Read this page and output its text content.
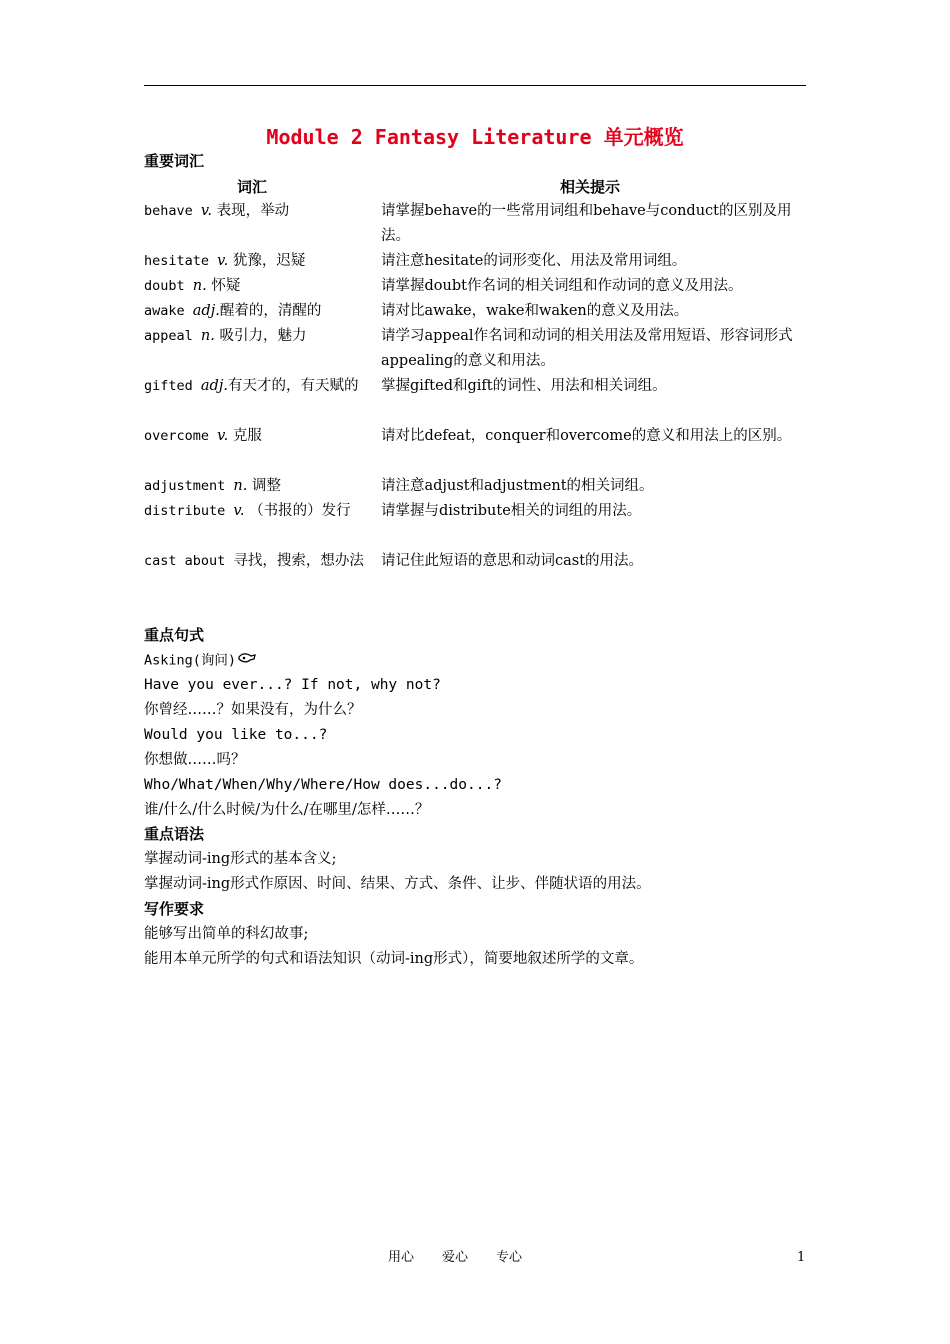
Module 2 Fantasy Literature 单元概览
重要词汇
词汇	相关提示
behave v. 表现，举动	请掌握behave的一些常用词组和behave与conduct的区别及用法。
hesitate v. 犹豫，迟疑	请注意hesitate的词形变化、用法及常用词组。
doubt n. 怀疑	请掌握doubt作名词的相关词组和作动词的意义及用法。
awake adj.醒着的，清醒的	请对比awake，wake和waken的意义及用法。
appeal n. 吸引力，魅力	请学习appeal作名词和动词的相关用法及常用短语、形容词形式appealing的意义和用法。
gifted adj.有天才的，有天赋的	掌握gifted和gift的词性、用法和相关词组。
overcome v. 克服	请对比defeat，conquer和overcome的意义和用法上的区别。
adjustment n. 调整	请注意adjust和adjustment的相关词组。
distribute v. （书报的）发行	请掌握与distribute相关的词组的用法。
cast about 寻找，搜索，想办法 请记住此短语的意思和动词cast的用法。
重点句式
Asking(询问)
Have you ever...? If not, why not?
你曾经……？如果没有，为什么？
Would you like to...?
你想做……吗？
Who/What/When/Why/Where/How does...do...?
谁/什么/什么时候/为什么/在哪里/怎样……？
重点语法
掌握动词-ing形式的基本含义;
掌握动词-ing形式作原因、时间、结果、方式、条件、让步、伴随状语的用法。
写作要求
能够写出简单的科幻故事;
能用本单元所学的句式和语法知识（动词-ing形式），简要地叙述所学的文章。
用心 爱心 专心	1
